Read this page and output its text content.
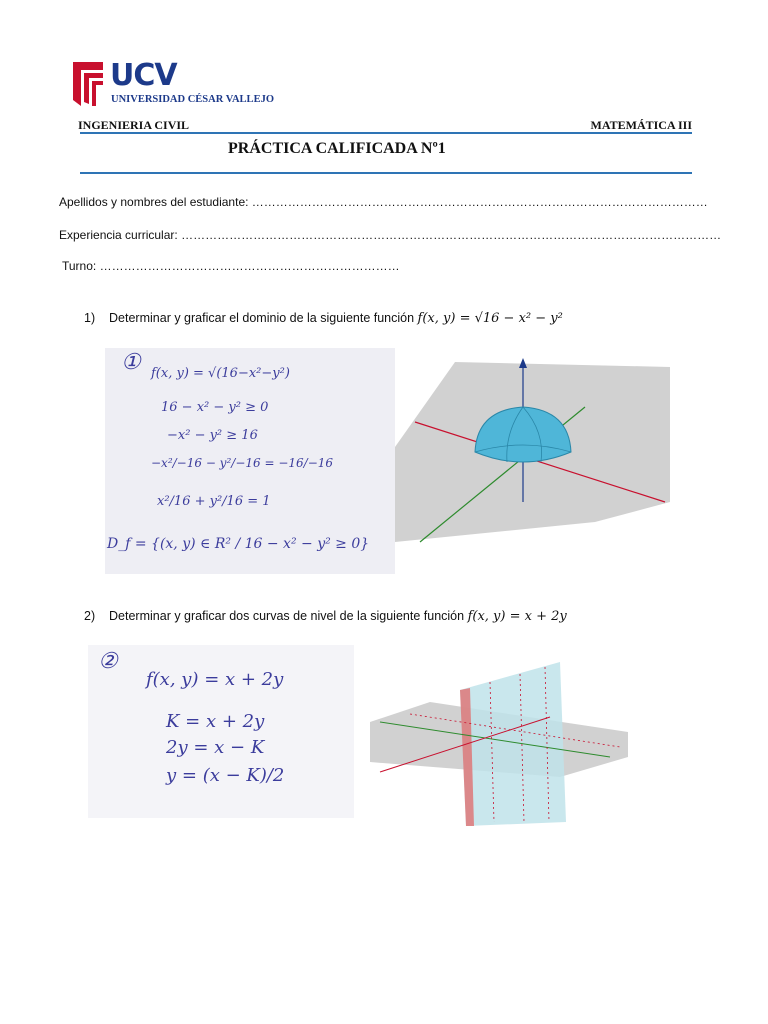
UCV
UNIVERSIDAD CÉSAR VALLEJO
INGENIERIA CIVIL	MATEMÁTICA III
PRÁCTICA CALIFICADA Nº1
Apellidos y nombres del estudiante: ……………………………………………………………………………………………………
Experiencia curricular: ………………………………………………………………………………………………………………………
Turno: …………………………………………………………………
1) Determinar y graficar el dominio de la siguiente función f(x, y) = √16 − x² − y²
① f(x, y) = √(16−x²−y²)
16 − x² − y² ≥ 0
−x² − y² ≥ 16
−x²/−16 − y²/−16 = −16/−16
x²/16 + y²/16 = 1
D_f = {(x, y) ∈ R² / 16 − x² − y² ≥ 0}
2) Determinar y graficar dos curvas de nivel de la siguiente función f(x, y) = x + 2y
②
f(x, y) = x + 2y
K = x + 2y
2y = x − K
y = (x − K)/2
